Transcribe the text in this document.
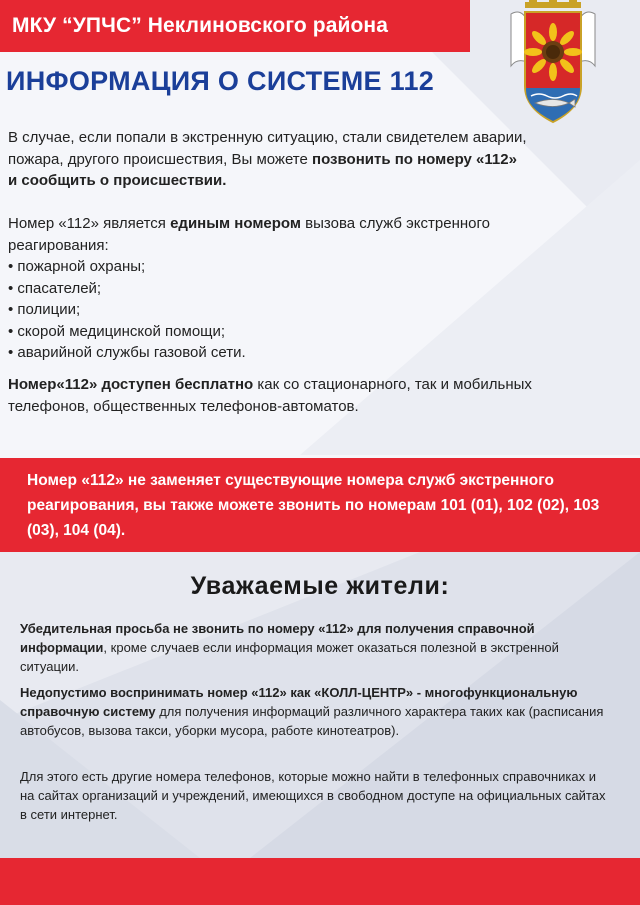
МКУ “УПЧС” Неклиновского района
ИНФОРМАЦИЯ О СИСТЕМЕ 112
В случае, если попали в экстренную ситуацию, стали свидетелем аварии, пожара, другого происшествия, Вы можете позвонить по номеру «112» и сообщить о происшествии.
Номер «112» является единым номером вызова служб экстренного реагирования:
• пожарной охраны;
• спасателей;
• полиции;
• скорой медицинской помощи;
• аварийной службы газовой сети.
Номер«112» доступен бесплатно как со стационарного, так и мобильных телефонов, общественных телефонов-автоматов.

Номер «112» не заменяет существующие номера служб экстренного реагирования, вы также можете звонить по номерам 101 (01), 102 (02), 103 (03), 104 (04).

Уважаемые жители:
Убедительная просьба не звонить по номеру «112» для получения справочной информации, кроме случаев если информация может оказаться полезной в экстренной ситуации.
Недопустимо воспринимать номер «112» как «КОЛЛ-ЦЕНТР» - многофункциональную справочную систему для получения информаций различного характера таких как (расписания автобусов, вызова такси, уборки мусора, работе кинотеатров).
Для этого есть другие номера телефонов, которые можно найти в телефонных справочниках и на сайтах организаций и учреждений, имеющихся в свободном доступе на официальных сайтах в сети интернет.
